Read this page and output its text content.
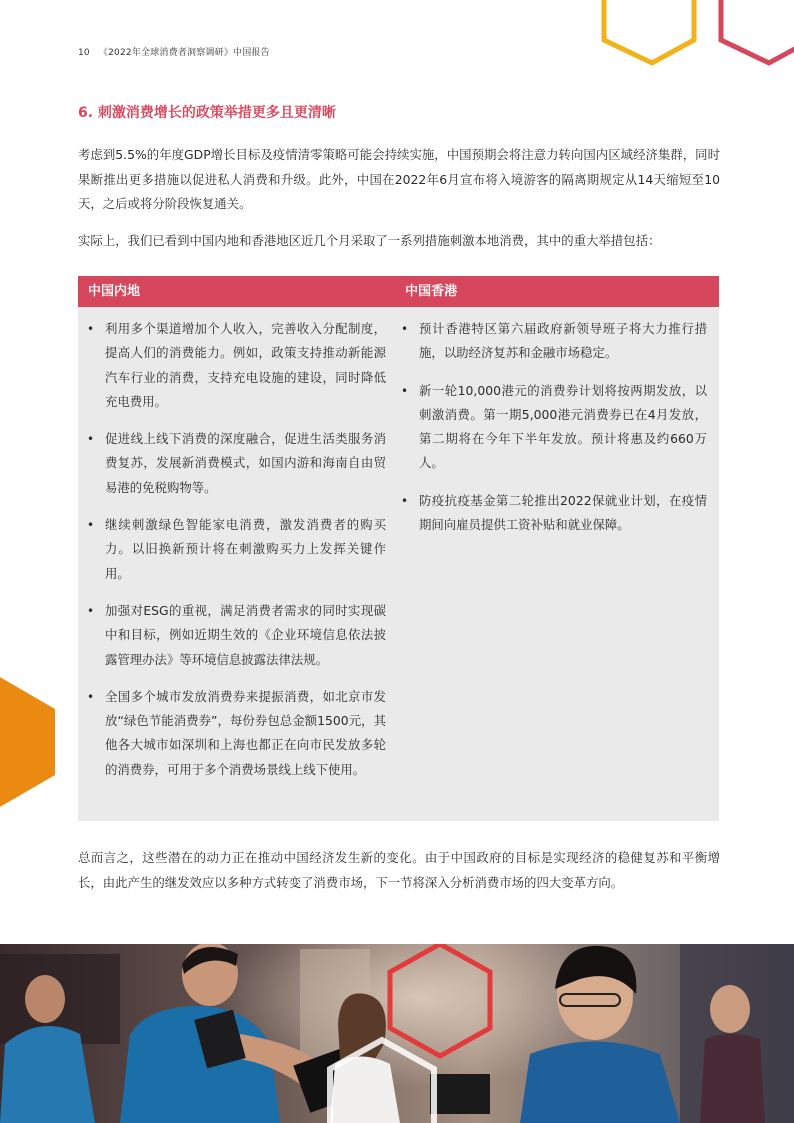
10 《2022年全球消费者洞察调研》中国报告
6. 刺激消费增长的政策举措更多且更清晰

考虑到5.5%的年度GDP增长目标及疫情清零策略可能会持续实施，中国预期会将注意力转向国内区域经济集群，同时果断推出更多措施以促进私人消费和升级。此外，中国在2022年6月宣布将入境游客的隔离期规定从14天缩短至10天，之后或将分阶段恢复通关。

实际上，我们已看到中国内地和香港地区近几个月采取了一系列措施刺激本地消费，其中的重大举措包括：

中国内地	中国香港
• 利用多个渠道增加个人收入，完善收入分配制度，提高人们的消费能力。例如，政策支持推动新能源汽车行业的消费，支持充电设施的建设，同时降低充电费用。
• 促进线上线下消费的深度融合，促进生活类服务消费复苏，发展新消费模式，如国内游和海南自由贸易港的免税购物等。
• 继续刺激绿色智能家电消费，激发消费者的购买力。以旧换新预计将在刺激购买力上发挥关键作用。
• 加强对ESG的重视，满足消费者需求的同时实现碳中和目标，例如近期生效的《企业环境信息依法披露管理办法》等环境信息披露法律法规。
• 全国多个城市发放消费券来提振消费，如北京市发放“绿色节能消费券”，每份券包总金额1500元，其他各大城市如深圳和上海也都正在向市民发放多轮的消费券，可用于多个消费场景线上线下使用。
• 预计香港特区第六届政府新领导班子将大力推行措施，以助经济复苏和金融市场稳定。
• 新一轮10,000港元的消费券计划将按两期发放，以刺激消费。第一期5,000港元消费券已在4月发放，第二期将在今年下半年发放。预计将惠及约660万人。
• 防疫抗疫基金第二轮推出2022保就业计划，在疫情期间向雇员提供工资补贴和就业保障。

总而言之，这些潜在的动力正在推动中国经济发生新的变化。由于中国政府的目标是实现经济的稳健复苏和平衡增长，由此产生的继发效应以多种方式转变了消费市场，下一节将深入分析消费市场的四大变革方向。
